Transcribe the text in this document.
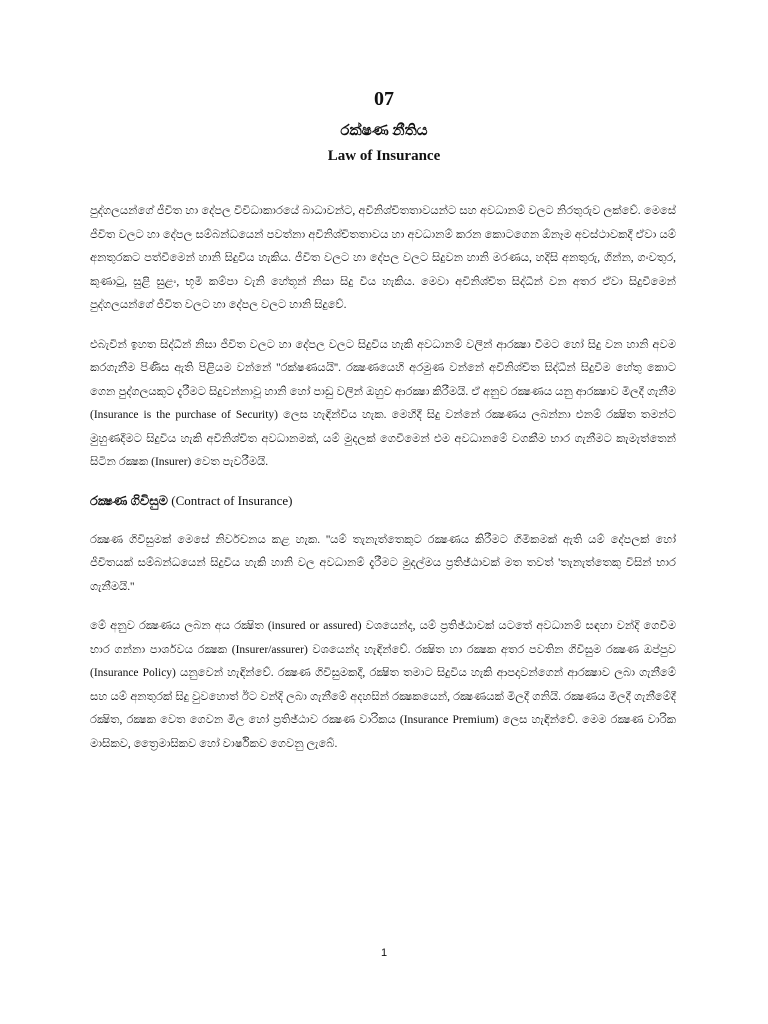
07
රක්ෂණ නීතිය
Law of Insurance

පුද්ගලයන්ගේ ජීවිත හා දේපල විවිධාකාරයේ බාධාවන්ට, අවිනිශ්චිතතාවයන්ට සහ අවධානම් වලට නිරතුරුව ලක්වේ. මෙසේ ජීවිත වලට හා දේපල සම්බන්ධයෙන් පවත්නා අවිනිශ්චිතතාවය හා අවධානම් කරන කොටගෙන ඕනෑම අවස්ථාවකදී ඒවා යම් අනතුරකට පත්වීමෙන් හානි සිදුවිය හැකිය. ජීවිත වලට හා දේපල වලට සිදුවන හානි මරණය, හදිසි අනතුරු, ගින්න, ගංවතුර, කුණාටු, සුළි සුළං, භූමි කම්පා වැනි හේතූන් නිසා සිදු විය හැකිය. මෙවා අවිනිශ්චිත සිද්ධීන් වන අතර ඒවා සිදුවීමෙන් පුද්ගලයන්ගේ ජීවිත වලට හා දේපල වලට හානි සිදුවේ.

එබැවින් ඉහත සිද්ධීන් නිසා ජීවිත වලට හා දේපල වලට සිදුවිය හැකි අවධානම් වලින් ආරක්‍ෂා වීමට හෝ සිදු වන හානි අවම කරගැනීම පිණිස ඇති පිළියම වන්නේ ''රක්ෂණයයි''. රක්‍ෂණයෙහි අරමුණ වන්නේ අවිනිශ්චිත සිද්ධීන් සිදුවීම හේතු කොට ගෙන පුද්ගලයකුට දැරීමට සිදුවන්නාවූ හානි හෝ පාඩු වලින් ඔහුව ආරක්‍ෂා කිරීමයි. ඒ අනුව රක්‍ෂණය යනු ආරක්‍ෂාව මිලදී ගැනීම (Insurance is the purchase of Security) ලෙස හැඳින්විය හැක. මෙහිදී සිදු වන්නේ රක්‍ෂණය ලබන්නා එනම් රක්‍ෂිත තමන්ට මුහුණදීමට සිදුවිය හැකි අවිනිශ්චිත අවධානමක්, යම් මුදලක් ගෙවීමෙන් එම අවධානමේ වගකීම භාර ගැනීමට කැමැත්තෙන් සිටින රක්‍ෂක (Insurer) වෙත පැවරීමයි.

රක්‍ෂණ ගිවිසුම (Contract of Insurance)

රක්‍ෂණ ගිවිසුමක් මෙසේ නිර්වචනය කළ හැක. ''යම් තැනැත්තෙකුට රක්‍ෂණය කිරීමට ගිමිකමක් ඇති යම් දේපලක් හෝ ජීවිතයක් සම්බන්ධයෙන් සිදුවිය හැකි හානි වල අවධානම් දැරීමට මුදල්මය ප්‍රතිඡ්ඨාවක් මත තවත් 'තැනැත්තෙකු විසින් භාර ගැනීමයි.''

මේ අනුව රක්‍ෂණය ලබන අය රක්‍ෂිත (insured or assured) වශයෙන්ද, යම් ප්‍රතිඡ්ඨාවක් යටතේ අවධානම් සඳහා වන්දි ගෙවීම භාර ගන්නා පාර්ශවය රක්‍ෂක (Insurer/assurer) වශයෙන්ද හැඳින්වේ. රක්‍ෂිත හා රක්‍ෂක අතර පවතින ගිවිසුම රක්‍ෂණ ඔප්පුව (Insurance Policy) යනුවෙන් හැඳින්වේ. රක්‍ෂණ ගිවිසුමකදී, රක්‍ෂිත තමාට සිදුවිය හැකි ආපදාවන්ගෙන් ආරක්‍ෂාව ලබා ගැනීමේ සහ යම් අනතුරක් සිදු වුවහොත් ඊට වන්දි ලබා ගැනීමේ අදහසින් රක්‍ෂකයෙන්, රක්‍ෂණයක් මිලදී ගනියි. රක්‍ෂණය මිලදී ගැනීමේදී රක්‍ෂිත, රක්‍ෂක වෙත ගෙවන මිල හෝ ප්‍රතිඡ්ඨාව රක්‍ෂණ වාරිකය (Insurance Premium) ලෙස හැඳින්වේ. මෙම රක්‍ෂණ වාරික මාසිකව, ත්‍රෛමාසිකව හෝ වාර්ෂිකව ගෙවනු ලැබේ.

1
